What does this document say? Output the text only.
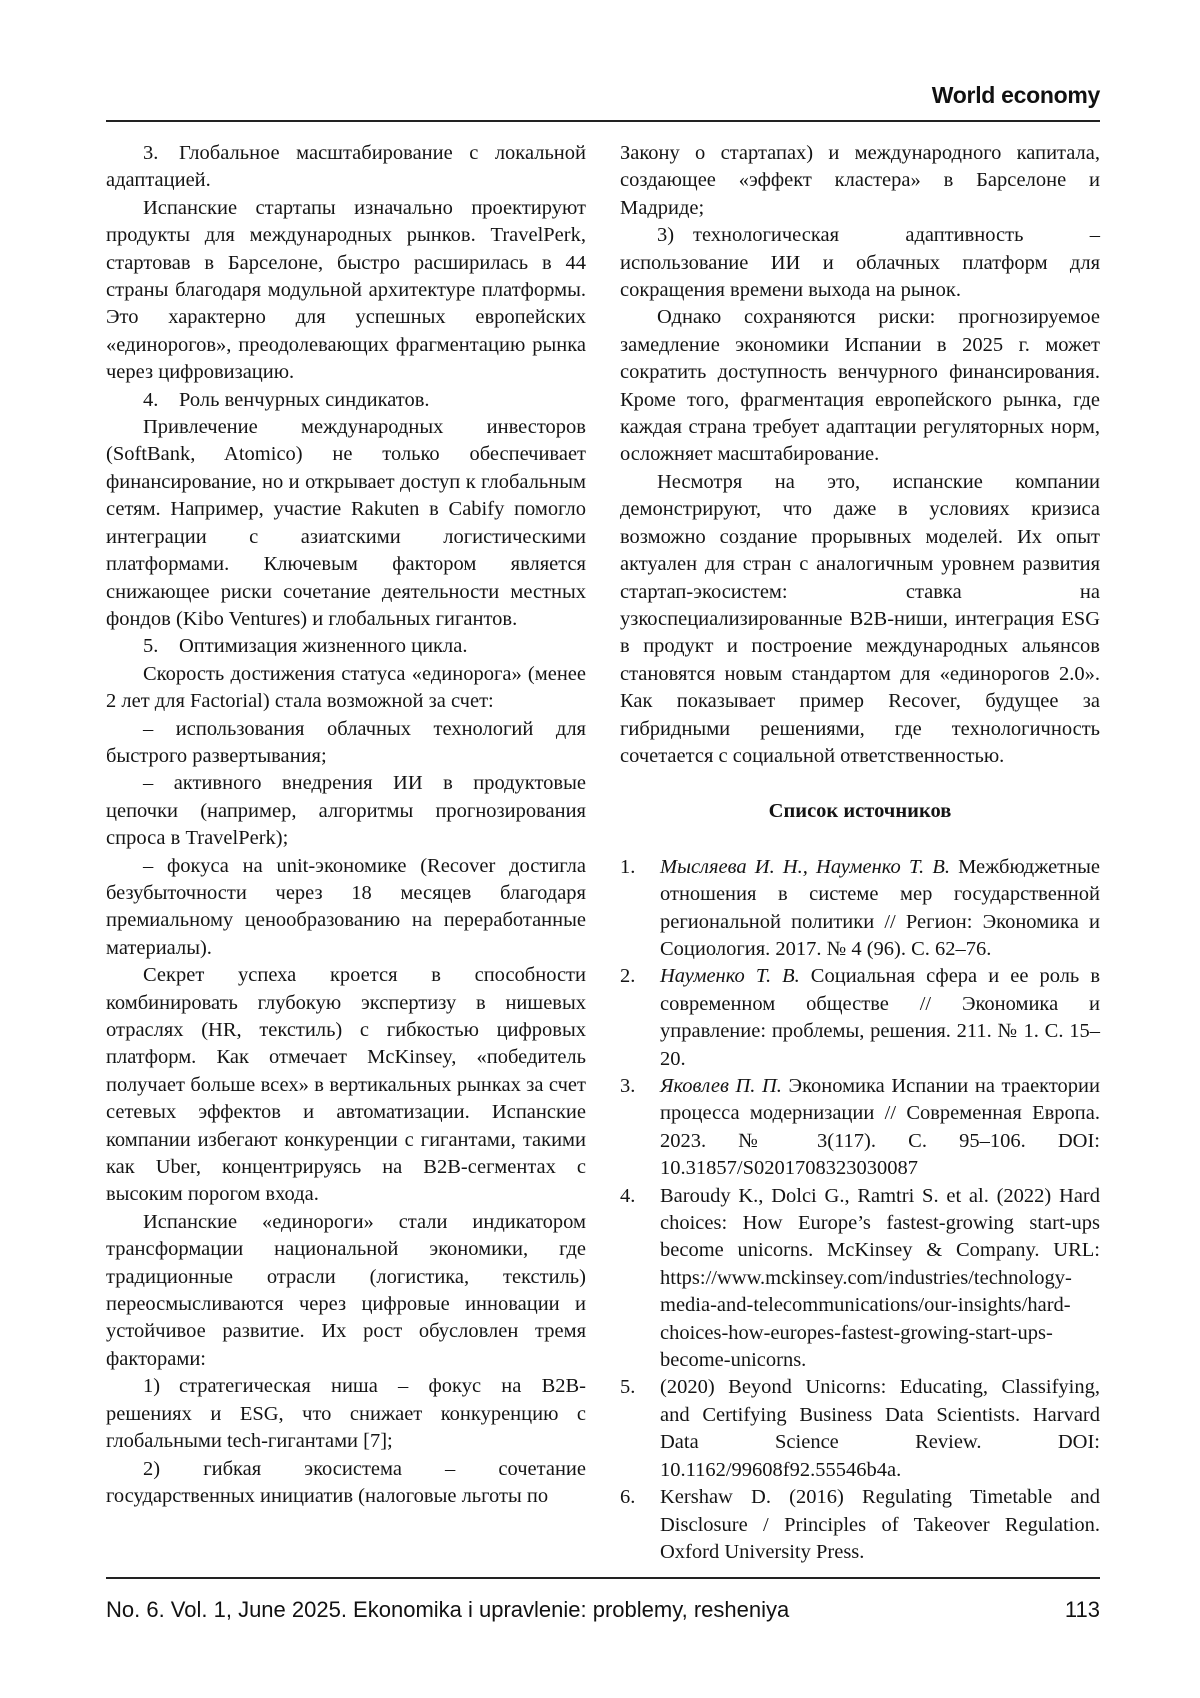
World economy

3. Глобальное масштабирование с локальной адаптацией.

Испанские стартапы изначально проектируют продукты для международных рынков. TravelPerk, стартовав в Барселоне, быстро расширилась в 44 страны благодаря модульной архитектуре платформы. Это характерно для успешных европейских «единорогов», преодолевающих фрагментацию рынка через цифровизацию.

4. Роль венчурных синдикатов.

Привлечение международных инвесторов (SoftBank, Atomico) не только обеспечивает финансирование, но и открывает доступ к глобальным сетям. Например, участие Rakuten в Cabify помогло интеграции с азиатскими логистическими платформами. Ключевым фактором является снижающее риски сочетание деятельности местных фондов (Kibo Ventures) и глобальных гигантов.

5. Оптимизация жизненного цикла.

Скорость достижения статуса «единорога» (менее 2 лет для Factorial) стала возможной за счет:

– использования облачных технологий для быстрого развертывания;

– активного внедрения ИИ в продуктовые цепочки (например, алгоритмы прогнозирования спроса в TravelPerk);

– фокуса на unit-экономике (Recover достигла безубыточности через 18 месяцев благодаря премиальному ценообразованию на переработанные материалы).

Секрет успеха кроется в способности комбинировать глубокую экспертизу в нишевых отраслях (HR, текстиль) с гибкостью цифровых платформ. Как отмечает McKinsey, «победитель получает больше всех» в вертикальных рынках за счет сетевых эффектов и автоматизации. Испанские компании избегают конкуренции с гигантами, такими как Uber, концентрируясь на B2B-сегментах с высоким порогом входа.

Испанские «единороги» стали индикатором трансформации национальной экономики, где традиционные отрасли (логистика, текстиль) переосмысливаются через цифровые инновации и устойчивое развитие. Их рост обусловлен тремя факторами:

1) стратегическая ниша – фокус на B2B-решениях и ESG, что снижает конкуренцию с глобальными tech-гигантами [7];

2) гибкая экосистема – сочетание государственных инициатив (налоговые льготы по

Закону о стартапах) и международного капитала, создающее «эффект кластера» в Барселоне и Мадриде;

3) технологическая адаптивность – использование ИИ и облачных платформ для сокращения времени выхода на рынок.

Однако сохраняются риски: прогнозируемое замедление экономики Испании в 2025 г. может сократить доступность венчурного финансирования. Кроме того, фрагментация европейского рынка, где каждая страна требует адаптации регуляторных норм, осложняет масштабирование.

Несмотря на это, испанские компании демонстрируют, что даже в условиях кризиса возможно создание прорывных моделей. Их опыт актуален для стран с аналогичным уровнем развития стартап-экосистем: ставка на узкоспециализированные B2B-ниши, интеграция ESG в продукт и построение международных альянсов становятся новым стандартом для «единорогов 2.0». Как показывает пример Recover, будущее за гибридными решениями, где технологичность сочетается с социальной ответственностью.

Список источников

1.	Мысляева И. Н., Науменко Т. В. Межбюджетные отношения в системе мер государственной региональной политики // Регион: Экономика и Социология. 2017. № 4 (96). С. 62–76.
2.	Науменко Т. В. Социальная сфера и ее роль в современном обществе // Экономика и управление: проблемы, решения. 211. № 1. С. 15–20.
3.	Яковлев П. П. Экономика Испании на траектории процесса модернизации // Современная Европа. 2023. № 3(117). С. 95–106. DOI: 10.31857/S0201708323030087
4.	Baroudy K., Dolci G., Ramtri S. et al. (2022) Hard choices: How Europe’s fastest-growing start-ups become unicorns. McKinsey & Company. URL: https://www.mckinsey.com/industries/technology-media-and-telecommunications/our-insights/hard-choices-how-europes-fastest-growing-start-ups-become-unicorns.
5.	(2020) Beyond Unicorns: Educating, Classifying, and Certifying Business Data Scientists. Harvard Data Science Review. DOI: 10.1162/99608f92.55546b4a.
6.	Kershaw D. (2016) Regulating Timetable and Disclosure / Principles of Takeover Regulation. Oxford University Press.
No. 6. Vol. 1, June 2025. Ekonomika i upravlenie: problemy, resheniya	113
